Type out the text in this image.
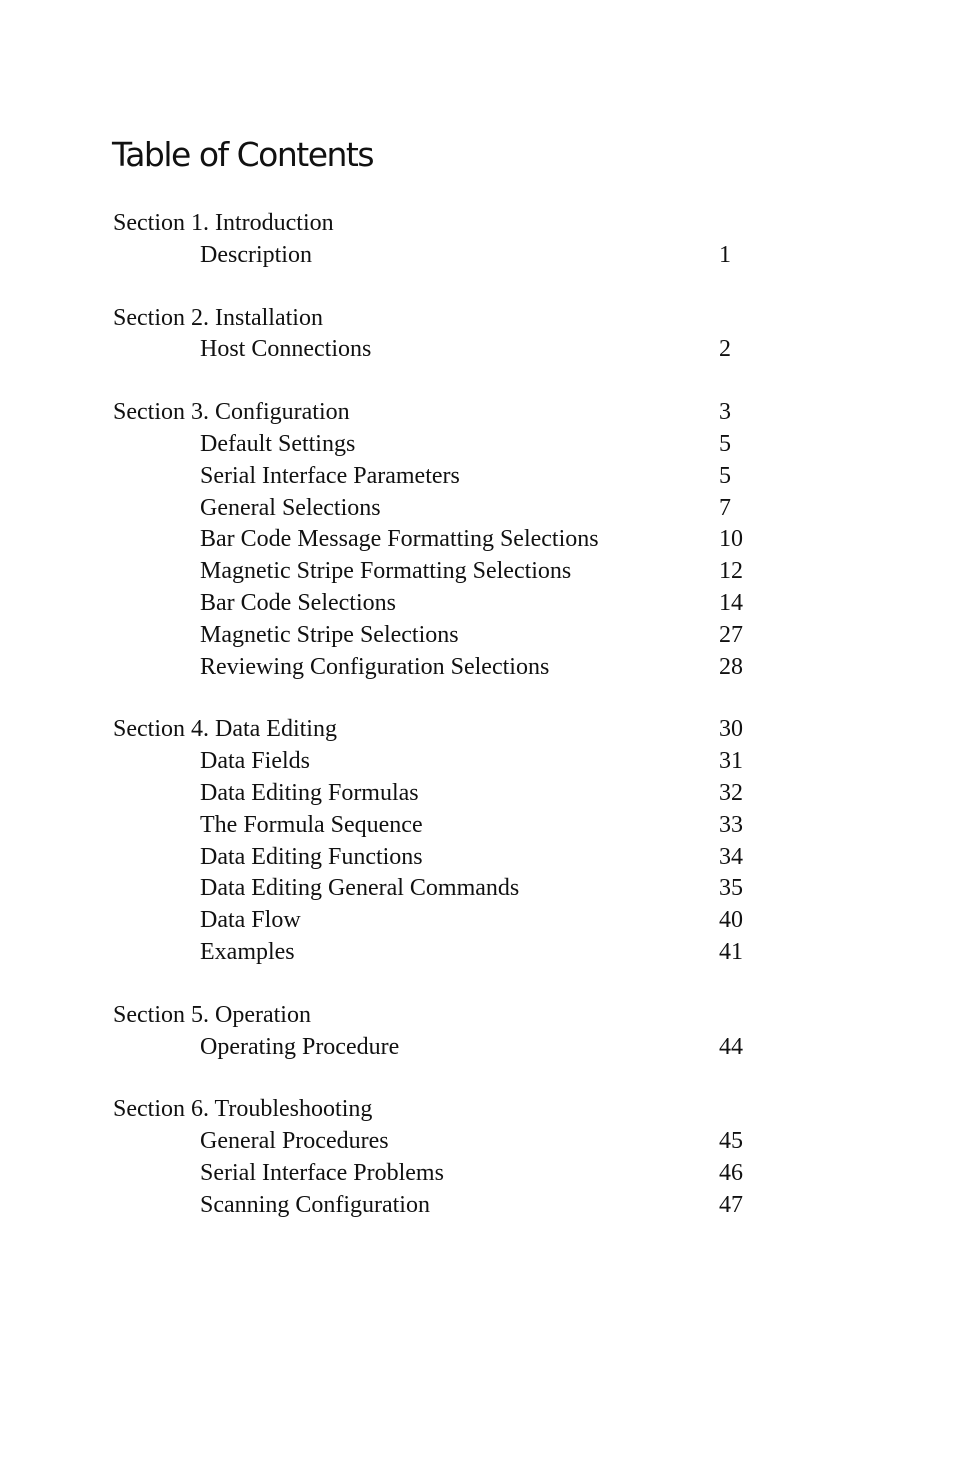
Table of Contents
Section 1. Introduction
Description	1
Section 2. Installation
Host Connections	2
Section 3. Configuration	3
Default Settings	5
Serial Interface Parameters	5
General Selections	7
Bar Code Message Formatting Selections	10
Magnetic Stripe Formatting Selections	12
Bar Code Selections	14
Magnetic Stripe Selections	27
Reviewing Configuration Selections	28
Section 4. Data Editing	30
Data Fields	31
Data Editing Formulas	32
The Formula Sequence	33
Data Editing Functions	34
Data Editing General Commands	35
Data Flow	40
Examples	41
Section 5. Operation
Operating Procedure	44
Section 6. Troubleshooting
General Procedures	45
Serial Interface Problems	46
Scanning Configuration	47
